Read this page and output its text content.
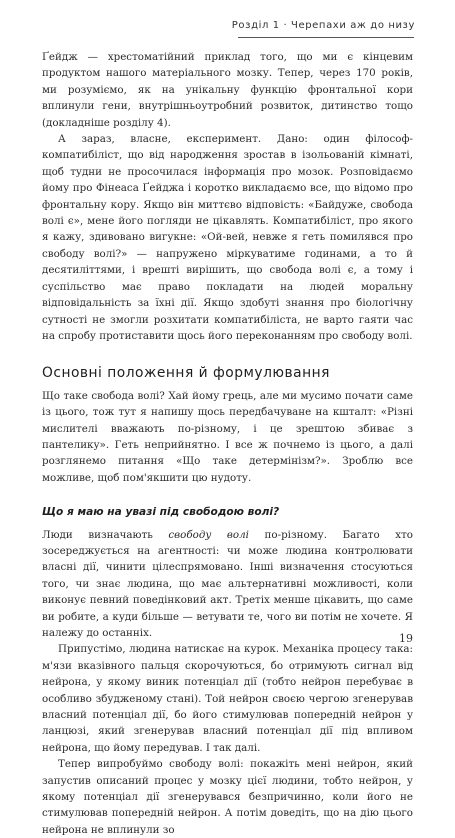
Розділ 1 · Черепахи аж до низу

Ґейдж — хрестоматійний приклад того, що ми є кінцевим продуктом нашого матеріального мозку. Тепер, через 170 років, ми розуміємо, як на унікальну функцію фронтальної кори вплинули гени, внутрішньоутробний розвиток, дитинство тощо (докладніше розділу 4).

А зараз, власне, експеримент. Дано: один філософ-компатибіліст, що від народження зростав в ізольованій кімнаті, щоб тудни не просочилася інформація про мозок. Розповідаємо йому про Фінеаса Ґейджа і коротко викладаємо все, що відомо про фронтальну кору. Якщо він миттєво відповість: «Байдуже, свобода волі є», мене його погляди не цікавлять. Компатибіліст, про якого я кажу, здивовано вигукне: «Ой-вей, невже я геть помилявся про свободу волі?» — напружено міркуватиме годинами, а то й десятиліттями, і врешті вирішить, що свобода волі є, а тому і суспільство має право покладати на людей моральну відповідальність за їхні дії. Якщо здобуті знання про біологічну сутності не змогли розхитати компатибіліста, не варто гаяти час на спробу протиставити щось його переконанням про свободу волі.

Основні положення й формулювання

Що таке свобода волі? Хай йому грець, але ми мусимо почати саме із цього, тож тут я напишу щось передбачуване на кшталт: «Різні мислителі вважають по-різному, і це зрештою збиває з пантелику». Геть неприйнятно. І все ж почнемо із цього, а далі розглянемо питання «Що таке детермінізм?». Зроблю все можливе, щоб пом'якшити цю нудоту.

Що я маю на увазі під свободою волі?

Люди визначають свободу волі по-різному. Багато хто зосереджується на агентності: чи може людина контролювати власні дії, чинити цілеспрямовано. Інші визначення стосуються того, чи знає людина, що має альтернативні можливості, коли виконує певний поведінковий акт. Третіх менше цікавить, що саме ви робите, а куди більше — ветувати те, чого ви потім не хочете. Я належу до останніх.

Припустімо, людина натискає на курок. Механіка процесу така: м'язи вказівного пальця скорочуються, бо отримують сигнал від нейрона, у якому виник потенціал дії (тобто нейрон перебуває в особливо збудженому стані). Той нейрон своєю чергою згенерував власний потенціал дії, бо його стимулював попередній нейрон у ланцюзі, який згенерував власний потенціал дії під впливом нейрона, що йому передував. І так далі.

Тепер випробуймо свободу волі: покажіть мені нейрон, який запустив описаний процес у мозку цієї людини, тобто нейрон, у якому потенціал дії згенерувався безпричинно, коли його не стимулював попередній нейрон. А потім доведіть, що на дію цього нейрона не вплинули зо

19
